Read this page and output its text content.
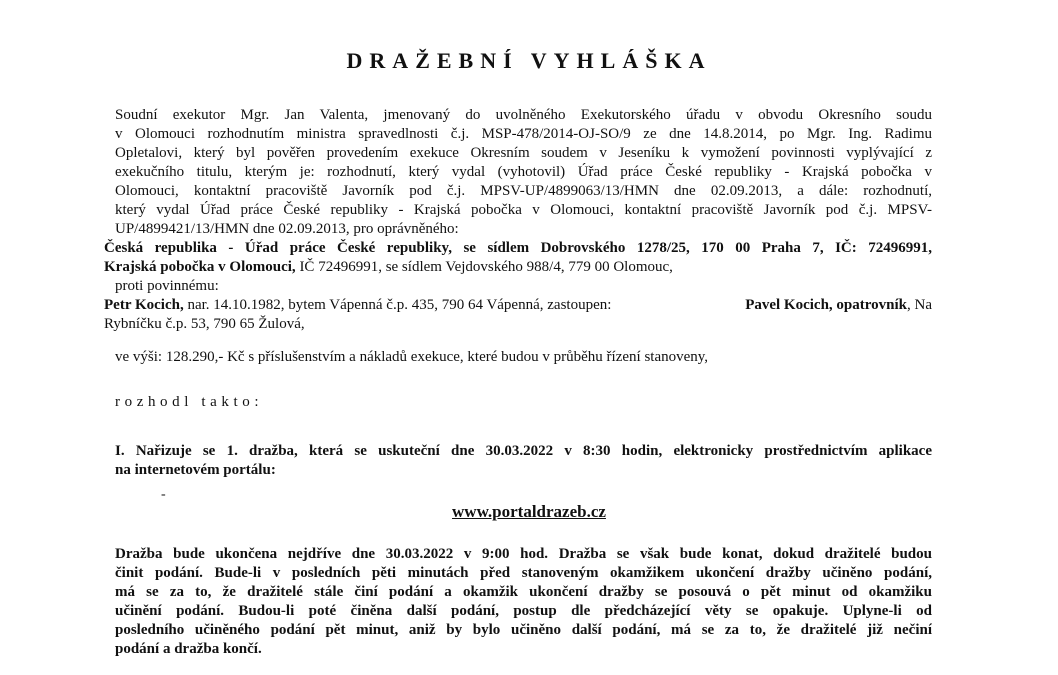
DRAŽEBNÍ VYHLÁŠKA
Soudní exekutor Mgr. Jan Valenta, jmenovaný do uvolněného Exekutorského úřadu v obvodu Okresního soudu
v Olomouci rozhodnutím ministra spravedlnosti č.j. MSP-478/2014-OJ-SO/9 ze dne 14.8.2014, po Mgr. Ing. Radimu
Opletalovi, který byl pověřen provedením exekuce Okresním soudem v Jeseníku k vymožení povinnosti vyplývající z
exekučního titulu, kterým je: rozhodnutí, který vydal (vyhotovil) Úřad práce České republiky - Krajská pobočka v
Olomouci, kontaktní pracoviště Javorník pod č.j. MPSV-UP/4899063/13/HMN dne 02.09.2013, a dále: rozhodnutí,
který vydal Úřad práce České republiky - Krajská pobočka v Olomouci, kontaktní pracoviště Javorník pod č.j. MPSV-
UP/4899421/13/HMN dne 02.09.2013, pro oprávněného:
Česká republika - Úřad práce České republiky, se sídlem Dobrovského 1278/25, 170 00 Praha 7, IČ: 72496991,
Krajská pobočka v Olomouci, IČ 72496991, se sídlem Vejdovského 988/4, 779 00 Olomouc,
proti povinnému:
Petr Kocich, nar. 14.10.1982, bytem Vápenná č.p. 435, 790 64 Vápenná, zastoupen:	Pavel Kocich, opatrovník , Na
Rybníčku č.p. 53, 790 65 Žulová,
ve výši: 128.290,- Kč s příslušenstvím a nákladů exekuce, které budou v průběhu řízení stanoveny,
rozhodl takto:
I. Nařizuje se 1. dražba, která se uskuteční dne 30.03.2022 v 8:30 hodin, elektronicky prostřednictvím aplikace
na internetovém portálu:
-
www.portaldrazeb.cz
Dražba bude ukončena nejdříve dne 30.03.2022 v 9:00 hod. Dražba se však bude konat, dokud dražitelé budou
činit podání. Bude-li v posledních pěti minutách před stanoveným okamžikem ukončení dražby učiněno podání,
má se za to, že dražitelé stále činí podání a okamžik ukončení dražby se posouvá o pět minut od okamžiku
učinění podání. Budou-li poté činěna další podání, postup dle předcházející věty se opakuje. Uplyne-li od
posledního učiněného podání pět minut, aniž by bylo učiněno další podání, má se za to, že dražitelé již nečiní
podání a dražba končí.
